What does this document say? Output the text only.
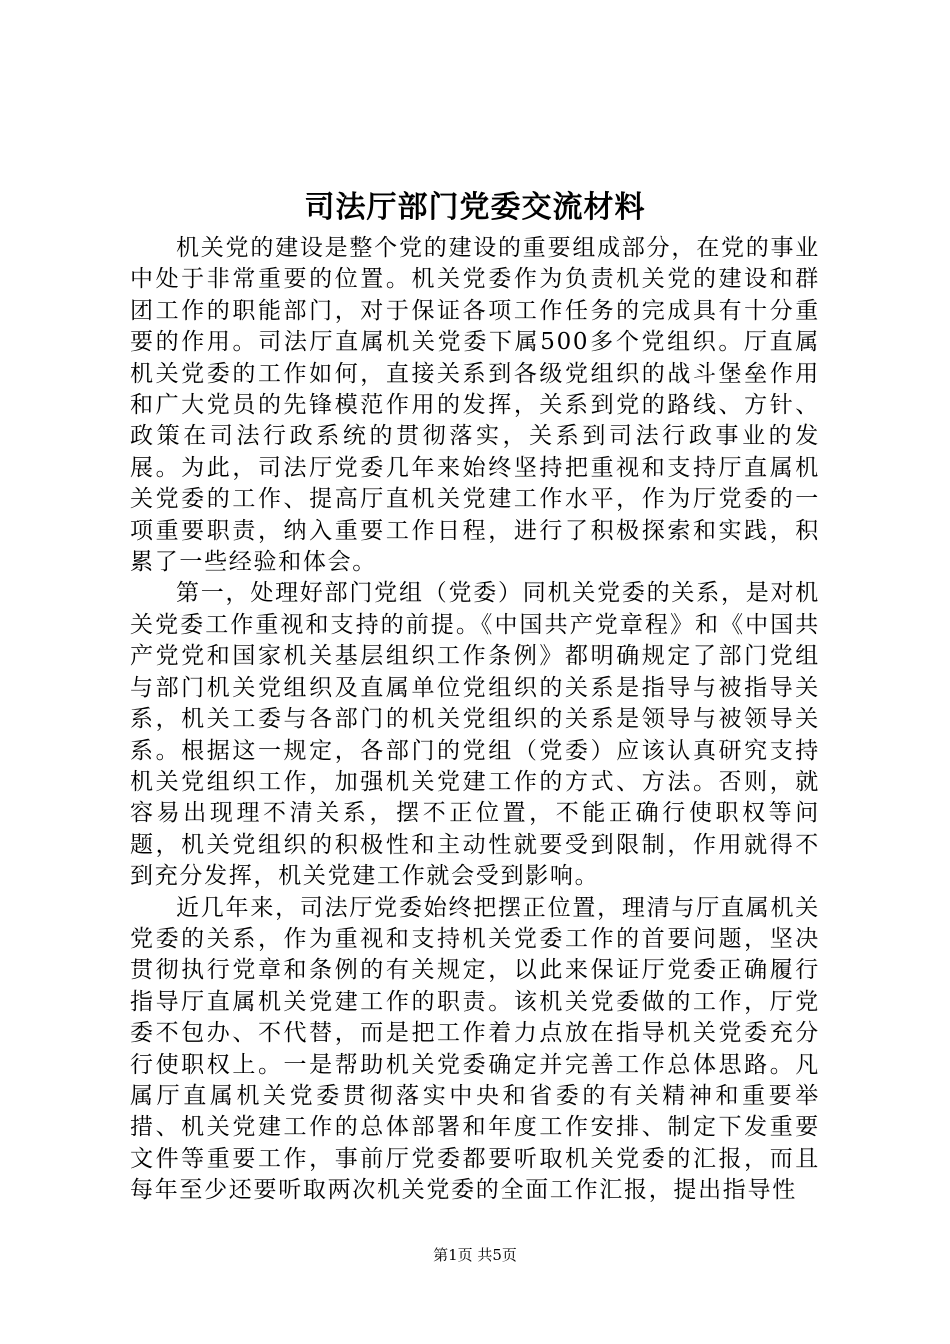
司法厅部门党委交流材料

机关党的建设是整个党的建设的重要组成部分，在党的事业中处于非常重要的位置。机关党委作为负责机关党的建设和群团工作的职能部门，对于保证各项工作任务的完成具有十分重要的作用。司法厅直属机关党委下属500多个党组织。厅直属机关党委的工作如何，直接关系到各级党组织的战斗堡垒作用和广大党员的先锋模范作用的发挥，关系到党的路线、方针、政策在司法行政系统的贯彻落实，关系到司法行政事业的发展。为此，司法厅党委几年来始终坚持把重视和支持厅直属机关党委的工作、提高厅直机关党建工作水平，作为厅党委的一项重要职责，纳入重要工作日程，进行了积极探索和实践，积累了一些经验和体会。

第一，处理好部门党组（党委）同机关党委的关系，是对机关党委工作重视和支持的前提。《中国共产党章程》和《中国共产党党和国家机关基层组织工作条例》都明确规定了部门党组与部门机关党组织及直属单位党组织的关系是指导与被指导关系，机关工委与各部门的机关党组织的关系是领导与被领导关系。根据这一规定，各部门的党组（党委）应该认真研究支持机关党组织工作，加强机关党建工作的方式、方法。否则，就容易出现理不清关系，摆不正位置，不能正确行使职权等问题，机关党组织的积极性和主动性就要受到限制，作用就得不到充分发挥，机关党建工作就会受到影响。

近几年来，司法厅党委始终把摆正位置，理清与厅直属机关党委的关系，作为重视和支持机关党委工作的首要问题，坚决贯彻执行党章和条例的有关规定，以此来保证厅党委正确履行指导厅直属机关党建工作的职责。该机关党委做的工作，厅党委不包办、不代替，而是把工作着力点放在指导机关党委充分行使职权上。一是帮助机关党委确定并完善工作总体思路。凡属厅直属机关党委贯彻落实中央和省委的有关精神和重要举措、机关党建工作的总体部署和年度工作安排、制定下发重要文件等重要工作，事前厅党委都要听取机关党委的汇报，而且每年至少还要听取两次机关党委的全面工作汇报，提出指导性

第1页 共5页
